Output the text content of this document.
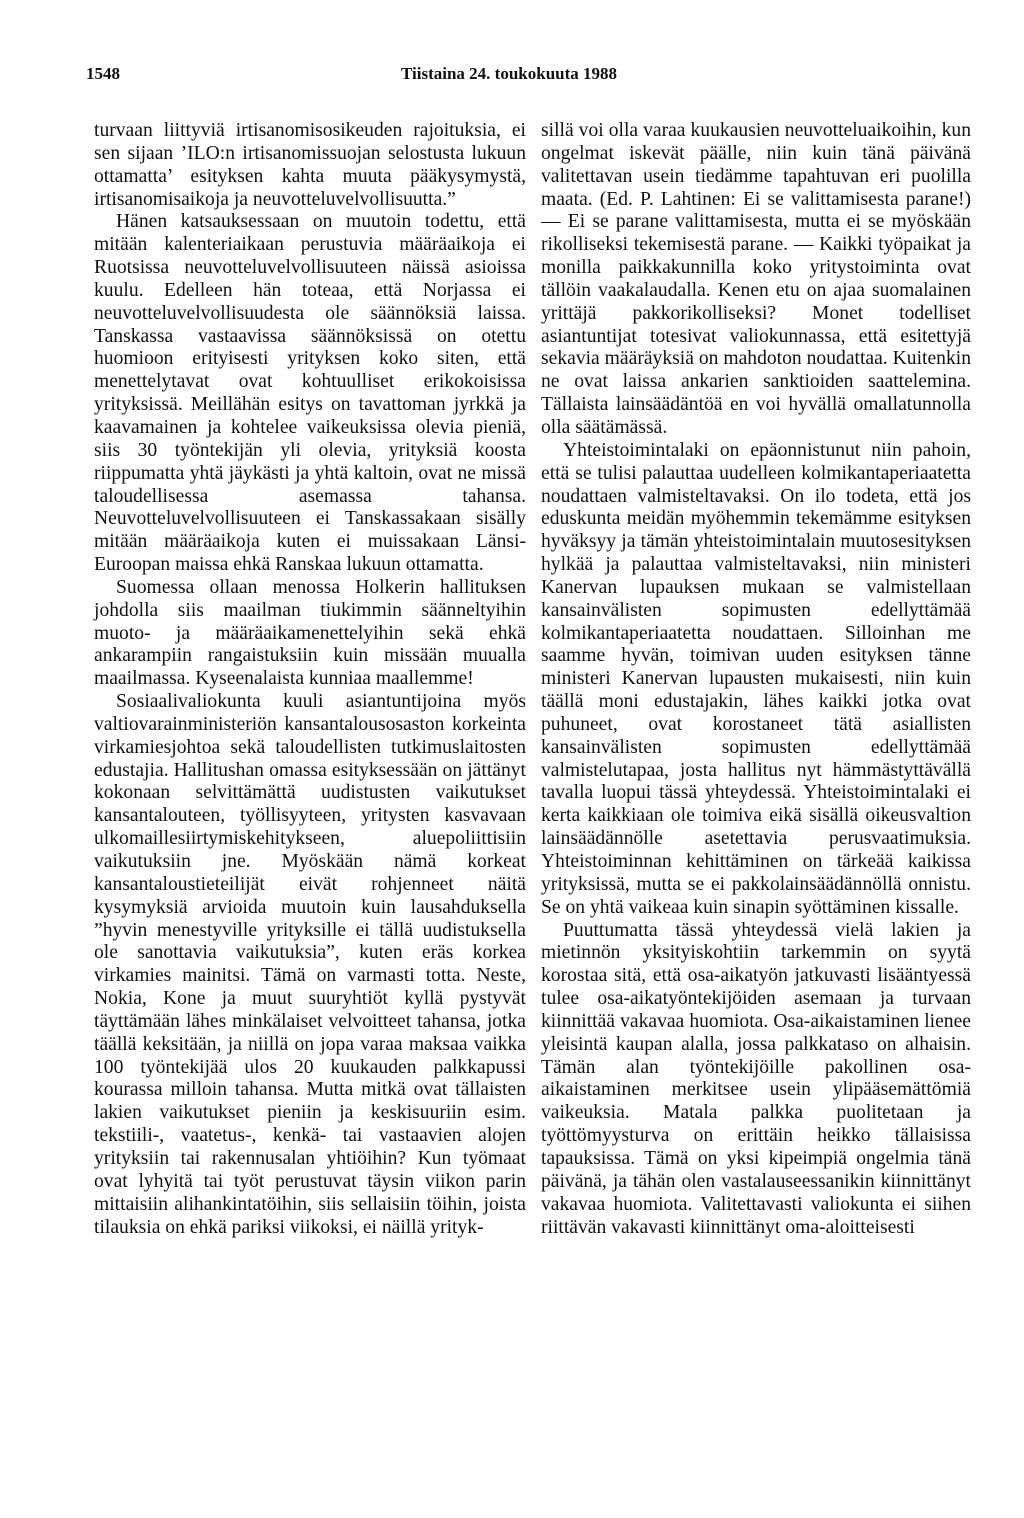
1548	Tiistaina 24. toukokuuta 1988

turvaan liittyviä irtisanomisosikeuden rajoituksia, ei sen sijaan ’ILO:n irtisanomissuojan selostusta lukuun ottamatta’ esityksen kahta muuta pääkysymystä, irtisanomisaikoja ja neuvotteluvelvollisuutta.”

Hänen katsauksessaan on muutoin todettu, että mitään kalenteriaikaan perustuvia määräaikoja ei Ruotsissa neuvotteluvelvollisuuteen näissä asioissa kuulu. Edelleen hän toteaa, että Norjassa ei neuvotteluvelvollisuudesta ole säännöksiä laissa. Tanskassa vastaavissa säännöksissä on otettu huomioon erityisesti yrityksen koko siten, että menettelytavat ovat kohtuulliset erikokoisissa yrityksissä. Meillähän esitys on tavattoman jyrkkä ja kaavamainen ja kohtelee vaikeuksissa olevia pieniä, siis 30 työntekijän yli olevia, yrityksiä koosta riippumatta yhtä jäykästi ja yhtä kaltoin, ovat ne missä taloudellisessa asemassa tahansa. Neuvotteluvelvollisuuteen ei Tanskassakaan sisälly mitään määräaikoja kuten ei muissakaan Länsi-Euroopan maissa ehkä Ranskaa lukuun ottamatta.

Suomessa ollaan menossa Holkerin hallituksen johdolla siis maailman tiukimmin säänneltyihin muoto- ja määräaikamenettelyihin sekä ehkä ankarampiin rangaistuksiin kuin missään muualla maailmassa. Kyseenalaista kunniaa maallemme!

Sosiaalivaliokunta kuuli asiantuntijoina myös valtiovarainministeriön kansantalousosaston korkeinta virkamiesjohtoa sekä taloudellisten tutkimuslaitosten edustajia. Hallitushan omassa esityksessään on jättänyt kokonaan selvittämättä uudistusten vaikutukset kansantalouteen, työllisyyteen, yritysten kasvavaan ulkomaillesiirtymiskehitykseen, aluepoliittisiin vaikutuksiin jne. Myöskään nämä korkeat kansantaloustieteilijät eivät rohjenneet näitä kysymyksiä arvioida muutoin kuin lausahduksella ”hyvin menestyville yrityksille ei tällä uudistuksella ole sanottavia vaikutuksia”, kuten eräs korkea virkamies mainitsi. Tämä on varmasti totta. Neste, Nokia, Kone ja muut suuryhtiöt kyllä pystyvät täyttämään lähes minkälaiset velvoitteet tahansa, jotka täällä keksitään, ja niillä on jopa varaa maksaa vaikka 100 työntekijää ulos 20 kuukauden palkkapussi kourassa milloin tahansa. Mutta mitkä ovat tällaisten lakien vaikutukset pieniin ja keskisuuriin esim. tekstiili-, vaatetus-, kenkä- tai vastaavien alojen yrityksiin tai rakennusalan yhtiöihin? Kun työmaat ovat lyhyitä tai työt perustuvat täysin viikon parin mittaisiin alihankintatöihin, siis sellaisiin töihin, joista tilauksia on ehkä pariksi viikoksi, ei näillä yrityk-

sillä voi olla varaa kuukausien neuvotteluaikoihin, kun ongelmat iskevät päälle, niin kuin tänä päivänä valitettavan usein tiedämme tapahtuvan eri puolilla maata. (Ed. P. Lahtinen: Ei se valittamisesta parane!) — Ei se parane valittamisesta, mutta ei se myöskään rikolliseksi tekemisestä parane. — Kaikki työpaikat ja monilla paikkakunnilla koko yritystoiminta ovat tällöin vaakalaudalla. Kenen etu on ajaa suomalainen yrittäjä pakkorikolliseksi? Monet todelliset asiantuntijat totesivat valiokunnassa, että esitettyjä sekavia määräyksiä on mahdoton noudattaa. Kuitenkin ne ovat laissa ankarien sanktioiden saattelemina. Tällaista lainsäädäntöä en voi hyvällä omallatunnolla olla säätämässä.

Yhteistoimintalaki on epäonnistunut niin pahoin, että se tulisi palauttaa uudelleen kolmikantaperiaatetta noudattaen valmisteltavaksi. On ilo todeta, että jos eduskunta meidän myöhemmin tekemämme esityksen hyväksyy ja tämän yhteistoimintalain muutosesityksen hylkää ja palauttaa valmisteltavaksi, niin ministeri Kanervan lupauksen mukaan se valmistellaan kansainvälisten sopimusten edellyttämää kolmikantaperiaatetta noudattaen. Silloinhan me saamme hyvän, toimivan uuden esityksen tänne ministeri Kanervan lupausten mukaisesti, niin kuin täällä moni edustajakin, lähes kaikki jotka ovat puhuneet, ovat korostaneet tätä asiallisten kansainvälisten sopimusten edellyttämää valmistelutapaa, josta hallitus nyt hämmästyttävällä tavalla luopui tässä yhteydessä. Yhteistoimintalaki ei kerta kaikkiaan ole toimiva eikä sisällä oikeusvaltion lainsäädännölle asetettavia perusvaatimuksia. Yhteistoiminnan kehittäminen on tärkeää kaikissa yrityksissä, mutta se ei pakkolainsäädännöllä onnistu. Se on yhtä vaikeaa kuin sinapin syöttäminen kissalle.

Puuttumatta tässä yhteydessä vielä lakien ja mietinnön yksityiskohtiin tarkemmin on syytä korostaa sitä, että osa-aikatyön jatkuvasti lisääntyessä tulee osa-aikatyöntekijöiden asemaan ja turvaan kiinnittää vakavaa huomiota. Osa-aikaistaminen lienee yleisintä kaupan alalla, jossa palkkataso on alhaisin. Tämän alan työntekijöille pakollinen osa-aikaistaminen merkitsee usein ylipääsemättömiä vaikeuksia. Matala palkka puolitetaan ja työttömyysturva on erittäin heikko tällaisissa tapauksissa. Tämä on yksi kipeimpiä ongelmia tänä päivänä, ja tähän olen vastalauseessanikin kiinnittänyt vakavaa huomiota. Valitettavasti valiokunta ei siihen riittävän vakavasti kiinnittänyt oma-aloitteisesti
